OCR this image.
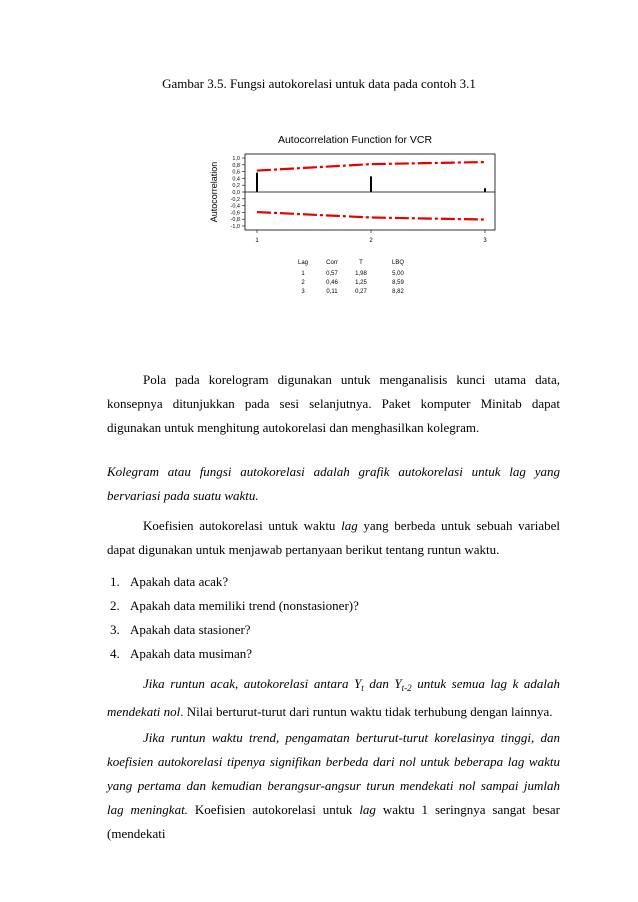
Gambar 3.5. Fungsi autokorelasi untuk data pada contoh 3.1
Autocorrelation Function for VCR
Autocorrelation
1,0
0,8
0,6
0,4
0,2
0,0
-0,2
-0,4
-0,6
-0,8
-1,0
1	2	3
Lag	Corr	T	LBQ
1	0,57	1,98	5,00
2	0,46	1,25	8,59
3	0,11	0,27	8,82
Pola pada korelogram digunakan untuk menganalisis kunci utama data, konsepnya ditunjukkan pada sesi selanjutnya. Paket komputer Minitab dapat digunakan untuk menghitung autokorelasi dan menghasilkan kolegram.
Kolegram atau fungsi autokorelasi adalah grafik autokorelasi untuk lag yang bervariasi pada suatu waktu.
Koefisien autokorelasi untuk waktu lag yang berbeda untuk sebuah variabel dapat digunakan untuk menjawab pertanyaan berikut tentang runtun waktu.
1. Apakah data acak?
2. Apakah data memiliki trend (nonstasioner)?
3. Apakah data stasioner?
4. Apakah data musiman?
Jika runtun acak, autokorelasi antara $Y_t$ dan $Y_{t-2}$ untuk semua lag k adalah mendekati nol. Nilai berturut-turut dari runtun waktu tidak terhubung dengan lainnya.
Jika runtun waktu trend, pengamatan berturut-turut korelasinya tinggi, dan koefisien autokorelasi tipenya signifikan berbeda dari nol untuk beberapa lag waktu yang pertama dan kemudian berangsur-angsur turun mendekati nol sampai jumlah lag meningkat. Koefisien autokorelasi untuk lag waktu 1 seringnya sangat besar (mendekati
